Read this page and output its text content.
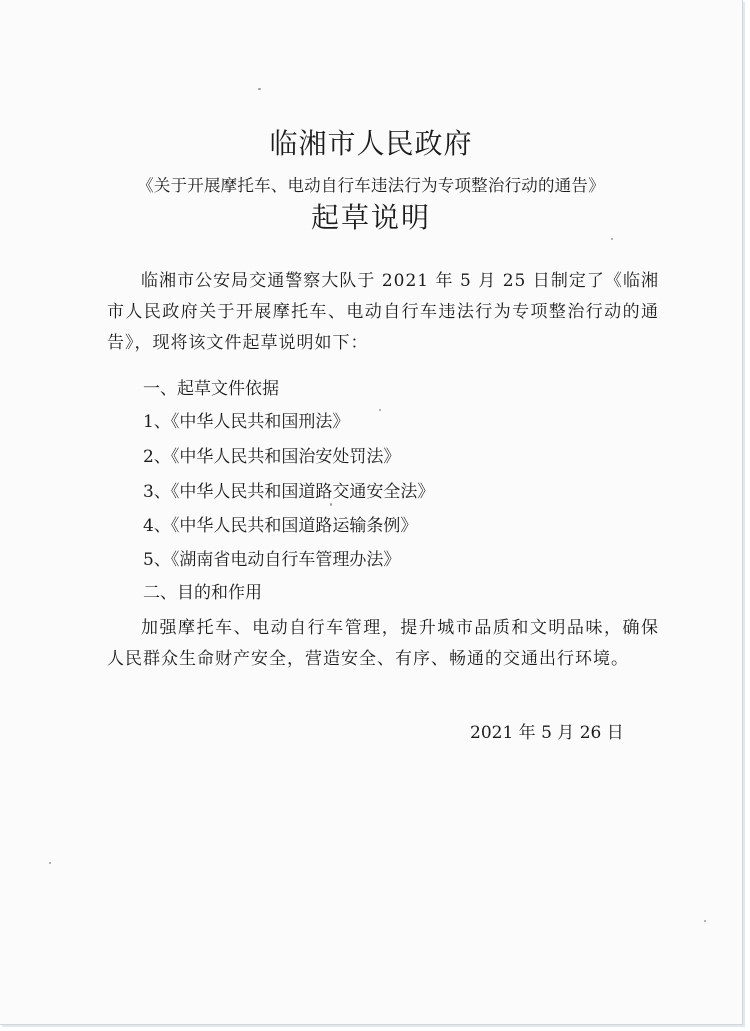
临湘市人民政府
《关于开展摩托车、电动自行车违法行为专项整治行动的通告》
起草说明
临湘市公安局交通警察大队于 2021 年 5 月 25 日制定了《临湘市人民政府关于开展摩托车、电动自行车违法行为专项整治行动的通告》，现将该文件起草说明如下：
一、起草文件依据
1、《中华人民共和国刑法》
2、《中华人民共和国治安处罚法》
3、《中华人民共和国道路交通安全法》
4、《中华人民共和国道路运输条例》
5、《湖南省电动自行车管理办法》
二、目的和作用
加强摩托车、电动自行车管理，提升城市品质和文明品味，确保人民群众生命财产安全，营造安全、有序、畅通的交通出行环境。
2021 年 5 月 26 日
